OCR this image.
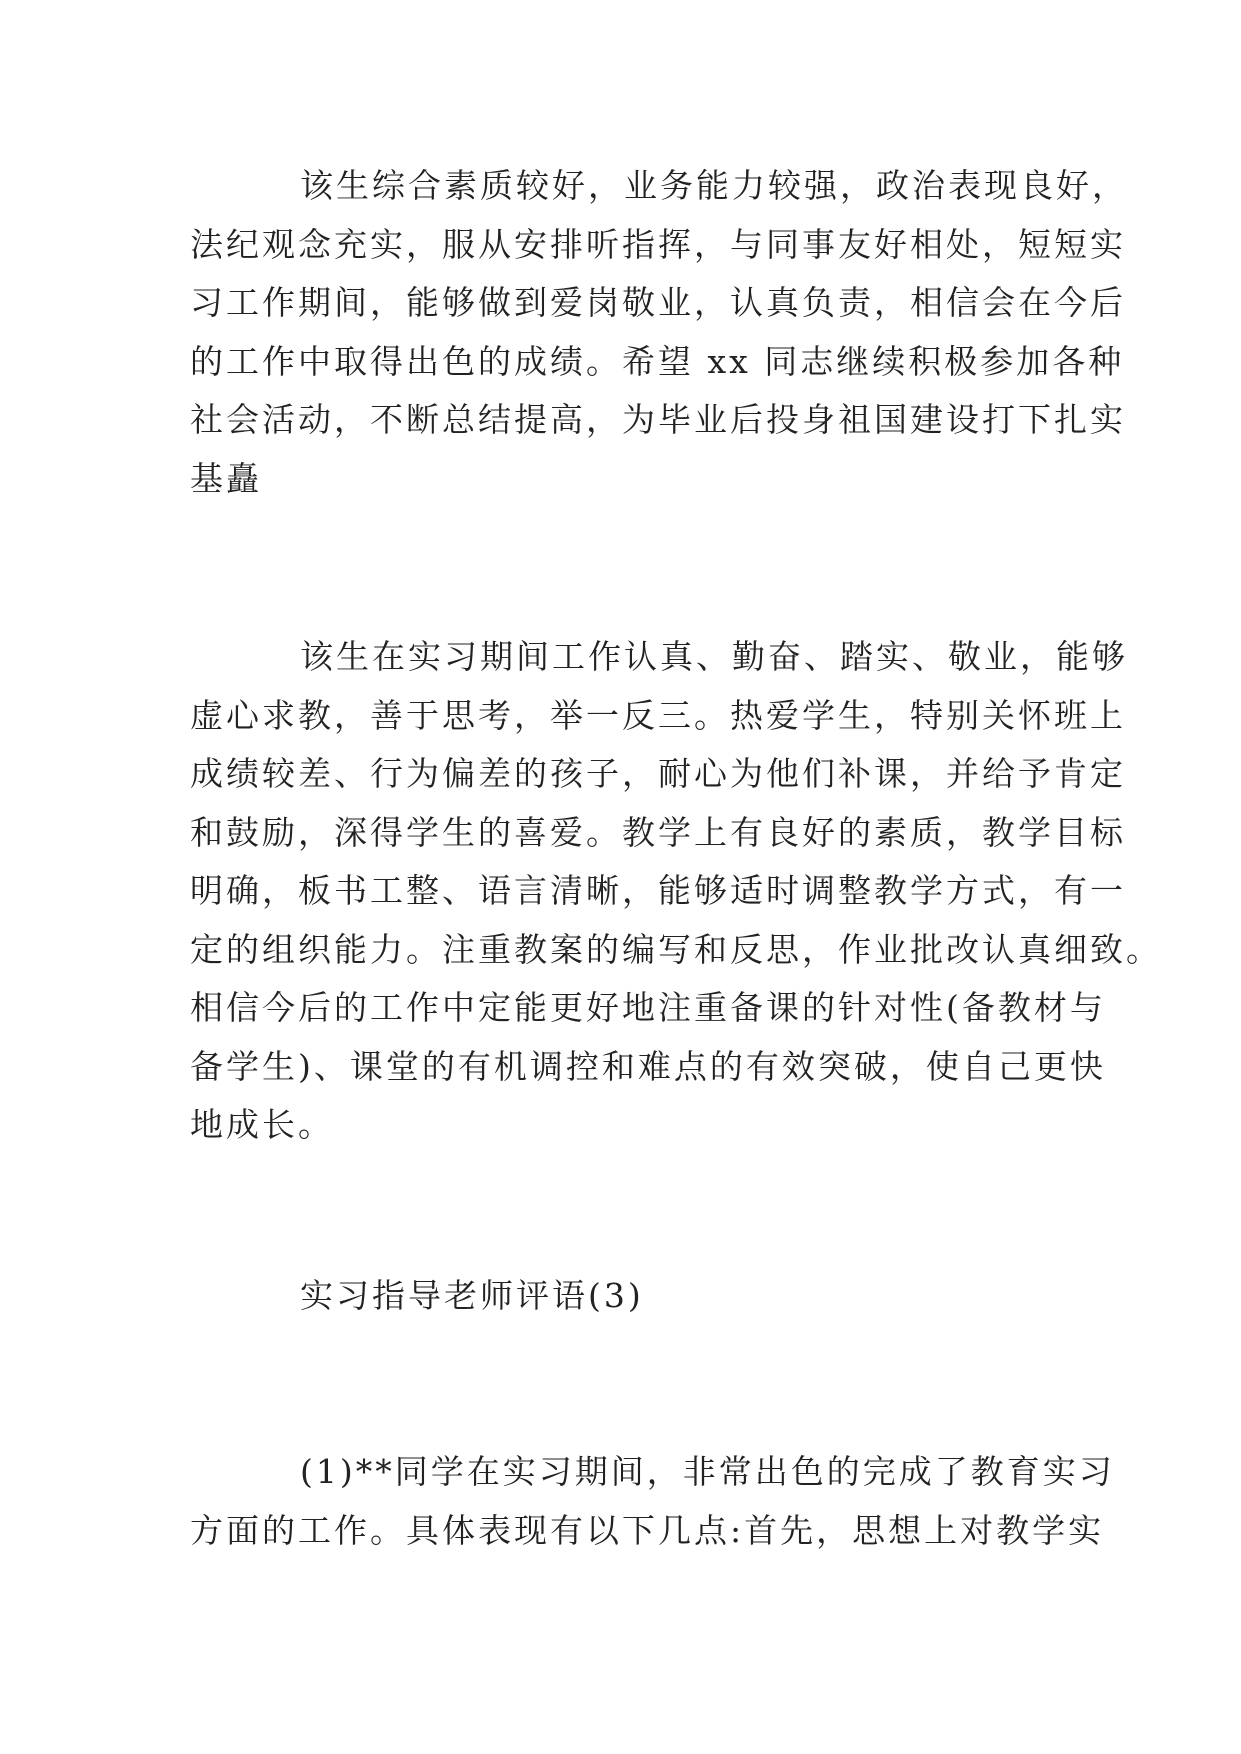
该生综合素质较好，业务能力较强，政治表现良好，
法纪观念充实，服从安排听指挥，与同事友好相处，短短实
习工作期间，能够做到爱岗敬业，认真负责，相信会在今后
的工作中取得出色的成绩。希望 xx 同志继续积极参加各种
社会活动，不断总结提高，为毕业后投身祖国建设打下扎实
基矗
该生在实习期间工作认真、勤奋、踏实、敬业，能够
虚心求教，善于思考，举一反三。热爱学生，特别关怀班上
成绩较差、行为偏差的孩子，耐心为他们补课，并给予肯定
和鼓励，深得学生的喜爱。教学上有良好的素质，教学目标
明确，板书工整、语言清晰，能够适时调整教学方式，有一
定的组织能力。注重教案的编写和反思，作业批改认真细致。
相信今后的工作中定能更好地注重备课的针对性(备教材与
备学生)、课堂的有机调控和难点的有效突破，使自己更快
地成长。
实习指导老师评语(3)
(1)**同学在实习期间，非常出色的完成了教育实习
方面的工作。具体表现有以下几点:首先，思想上对教学实
